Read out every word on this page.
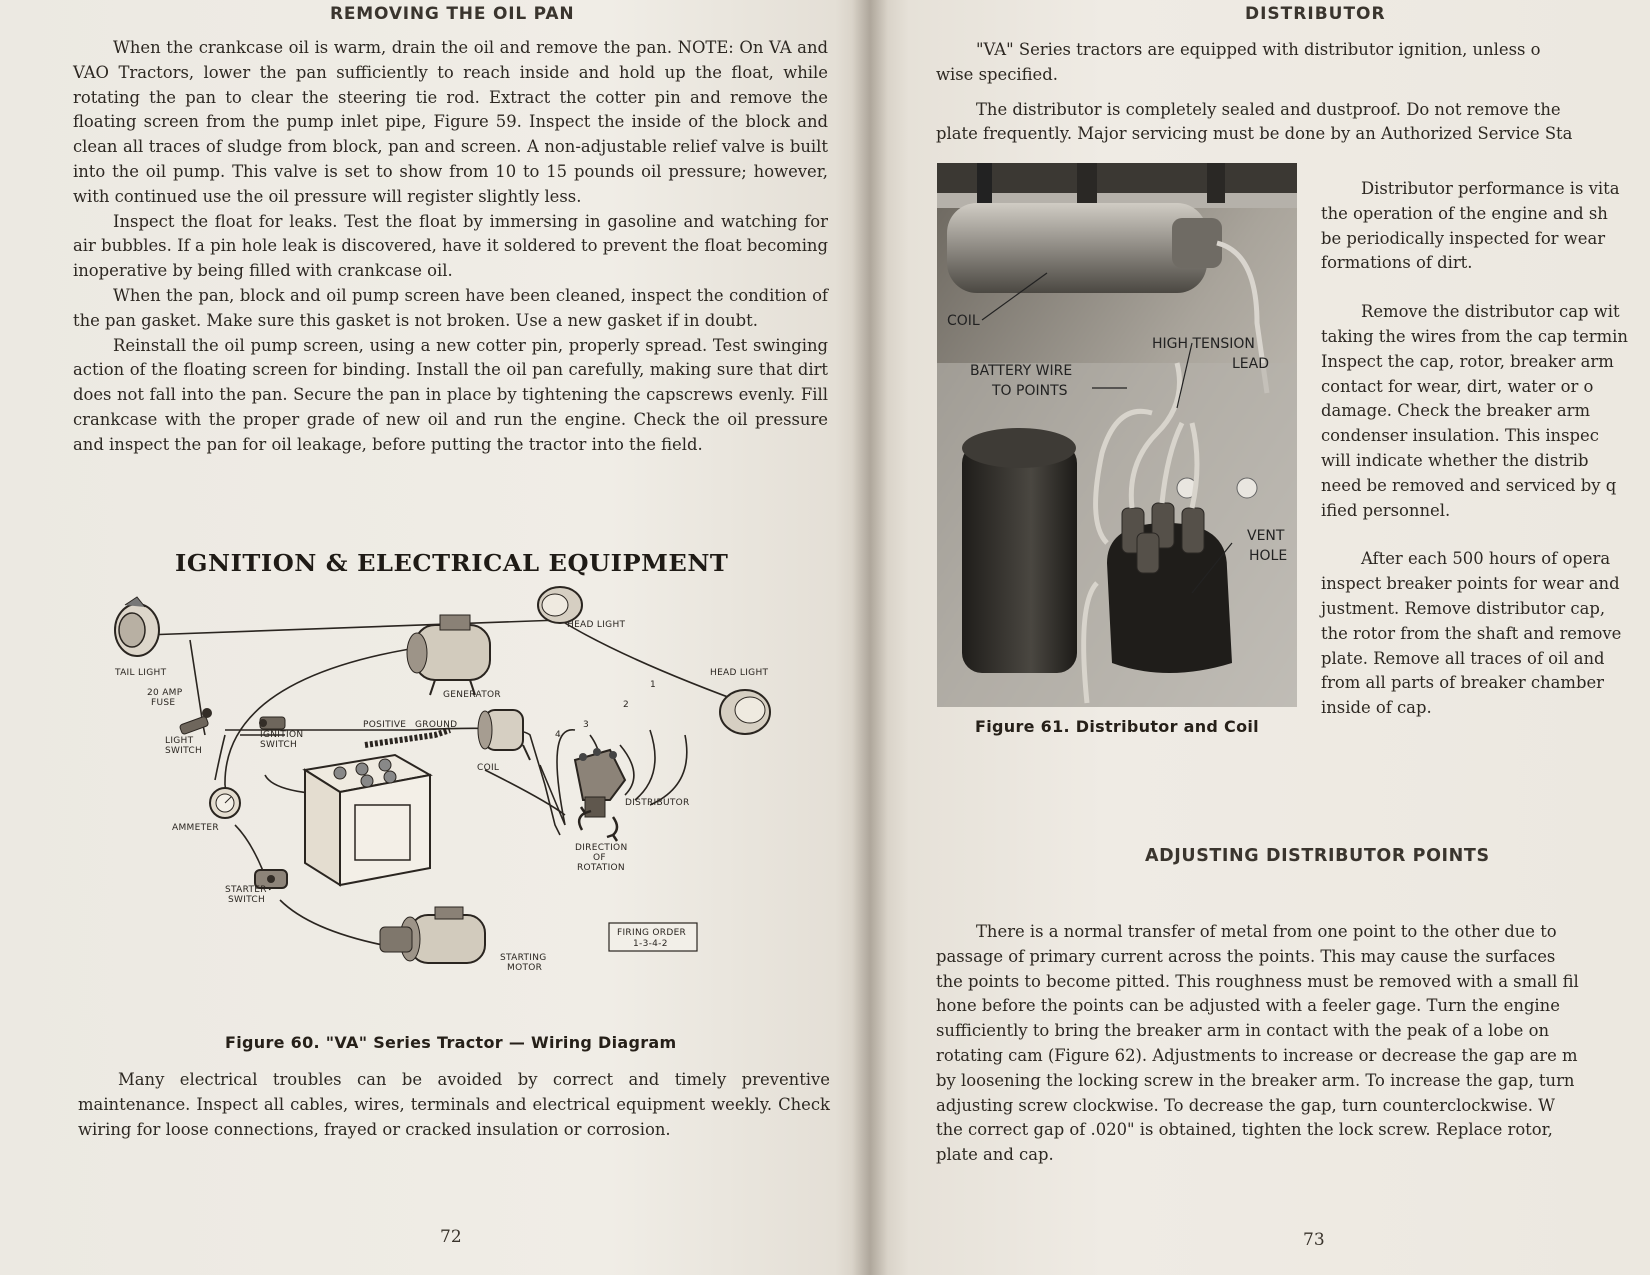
REMOVING THE OIL PAN

When the crankcase oil is warm, drain the oil and remove the pan. NOTE: On VA and VAO Tractors, lower the pan sufficiently to reach inside and hold up the float, while rotating the pan to clear the steering tie rod. Extract the cotter pin and remove the floating screen from the pump inlet pipe, Figure 59. Inspect the inside of the block and clean all traces of sludge from block, pan and screen. A non-adjustable relief valve is built into the oil pump. This valve is set to show from 10 to 15 pounds oil pressure; however, with continued use the oil pressure will register slightly less.

Inspect the float for leaks. Test the float by immersing in gasoline and watching for air bubbles. If a pin hole leak is discovered, have it soldered to prevent the float becoming inoperative by being filled with crankcase oil.

When the pan, block and oil pump screen have been cleaned, inspect the condition of the pan gasket. Make sure this gasket is not broken. Use a new gasket if in doubt.

Reinstall the oil pump screen, using a new cotter pin, properly spread. Test swinging action of the floating screen for binding. Install the oil pan carefully, making sure that dirt does not fall into the pan. Secure the pan in place by tightening the capscrews evenly. Fill crankcase with the proper grade of new oil and run the engine. Check the oil pressure and inspect the pan for oil leakage, before putting the tractor into the field.

IGNITION & ELECTRICAL EQUIPMENT
TAIL LIGHT
HEAD LIGHT
HEAD LIGHT
GENERATOR
20 AMP
FUSE
LIGHT
SWITCH
IGNITION
SWITCH
POSITIVE GROUND
COIL
DISTRIBUTOR
1
2
3
4
DIRECTION
OF
ROTATION
AMMETER
STARTER
SWITCH
STARTING
MOTOR
FIRING ORDER
1-3-4-2
Figure 60. "VA" Series Tractor — Wiring Diagram

Many electrical troubles can be avoided by correct and timely preventive maintenance. Inspect all cables, wires, terminals and electrical equipment weekly. Check wiring for loose connections, frayed or cracked insulation or corrosion.

72
DISTRIBUTOR
"VA" Series tractors are equipped with distributor ignition, unless o
wise specified.
The distributor is completely sealed and dustproof. Do not remove the
plate frequently. Major servicing must be done by an Authorized Service Sta
COIL
HIGH TENSION
LEAD
BATTERY WIRE
TO POINTS
VENT
HOLE
Figure 61. Distributor and Coil
Distributor performance is vita
the operation of the engine and sh
be periodically inspected for wear
formations of dirt.
Remove the distributor cap wit
taking the wires from the cap termin
Inspect the cap, rotor, breaker arm
contact for wear, dirt, water or o
damage. Check the breaker arm
condenser insulation. This inspec
will indicate whether the distrib
need be removed and serviced by q
ified personnel.
After each 500 hours of opera
inspect breaker points for wear and
justment. Remove distributor cap,
the rotor from the shaft and remove
plate. Remove all traces of oil and
from all parts of breaker chamber
inside of cap.
ADJUSTING DISTRIBUTOR POINTS
There is a normal transfer of metal from one point to the other due to
passage of primary current across the points. This may cause the surfaces
the points to become pitted. This roughness must be removed with a small fil
hone before the points can be adjusted with a feeler gage. Turn the engine
sufficiently to bring the breaker arm in contact with the peak of a lobe on
rotating cam (Figure 62). Adjustments to increase or decrease the gap are m
by loosening the locking screw in the breaker arm. To increase the gap, turn
adjusting screw clockwise. To decrease the gap, turn counterclockwise. W
the correct gap of .020" is obtained, tighten the lock screw. Replace rotor,
plate and cap.
73
